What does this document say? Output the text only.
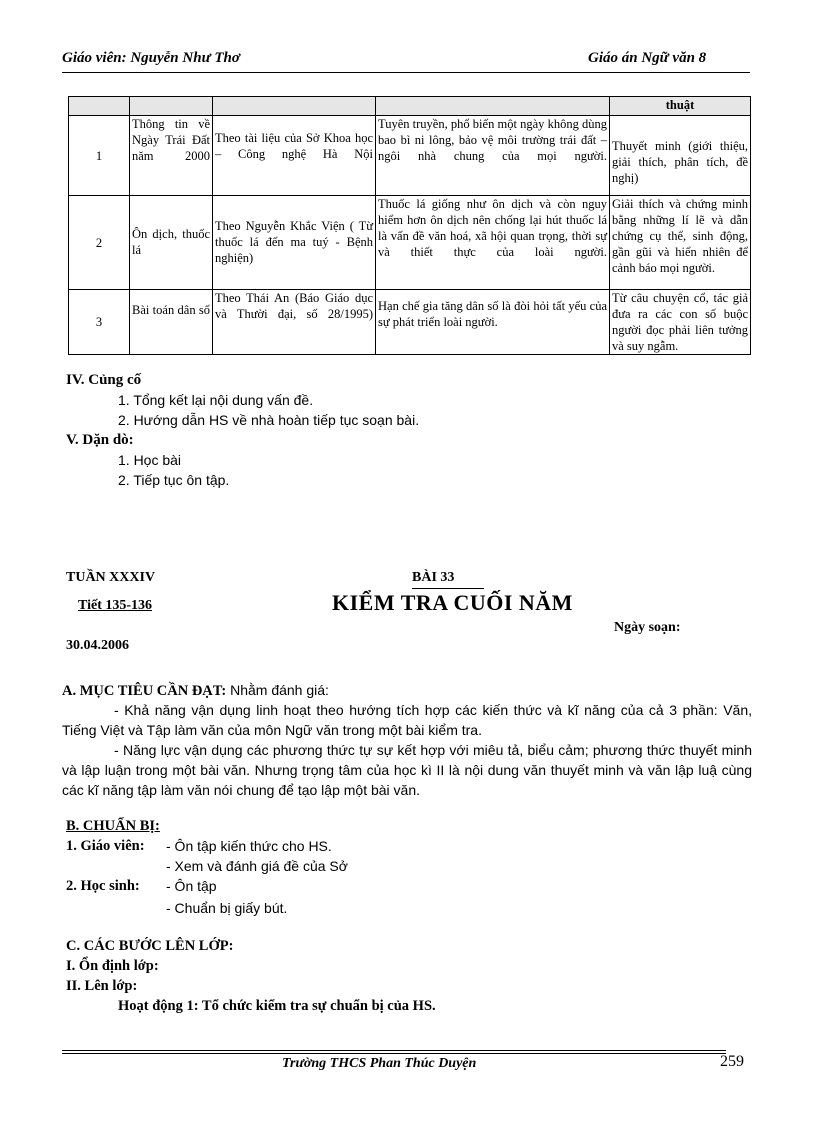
Giáo viên: Nguyễn Như Thơ	Giáo án Ngữ văn 8
				thuật
1	Thông tin về Ngày Trái Đất năm 2000	Theo tài liệu của Sở Khoa học – Công nghệ Hà Nội	Tuyên truyền, phổ biến một ngày không dùng bao bì ni lông, bảo vệ môi trường trái đất – ngôi nhà chung của mọi người.	Thuyết minh (giới thiệu, giải thích, phân tích, đề nghị)
2	Ôn dịch, thuốc lá	Theo Nguyễn Khắc Viện ( Từ thuốc lá đến ma tuý - Bệnh nghiện)	Thuốc lá giống như ôn dịch và còn nguy hiểm hơn ôn dịch nên chống lại hút thuốc lá là vấn đề văn hoá, xã hội quan trọng, thời sự và thiết thực của loài người.	Giải thích và chứng minh bằng những lí lẽ và dẫn chứng cụ thể, sinh động, gần gũi và hiển nhiên để cảnh báo mọi người.
3	Bài toán dân số	Theo Thái An (Báo Giáo dục và Thười đại, số 28/1995)	Hạn chế gia tăng dân số là đòi hỏi tất yếu của sự phát triển loài người.	Từ câu chuyện cổ, tác giả đưa ra các con số buộc người đọc phải liên tưởng và suy ngẫm.
IV. Củng cố
1. Tổng kết lại nội dung vấn đề.
2. Hướng dẫn HS về nhà hoàn tiếp tục soạn bài.
V. Dặn dò:
1. Học bài
2. Tiếp tục ôn tập.
TUẦN XXXIV	BÀI 33
Tiết 135-136	KIỂM TRA CUỐI NĂM
Ngày soạn:
30.04.2006
A. MỤC TIÊU CẦN ĐẠT: Nhằm đánh giá:
- Khả năng vận dụng linh hoạt theo hướng tích hợp các kiến thức và kĩ năng của cả 3 phần: Văn, Tiếng Việt và Tập làm văn của môn Ngữ văn trong một bài kiểm tra.
- Năng lực vận dụng các phương thức tự sự kết hợp với miêu tả, biểu cảm; phương thức thuyết minh và lập luận trong một bài văn. Nhưng trọng tâm của học kì II là nội dung văn thuyết minh và văn lập luậ cùng các kĩ năng tập làm văn nói chung để tạo lập một bài văn.
B. CHUẨN BỊ:
1. Giáo viên: - Ôn tập kiến thức cho HS.
- Xem và đánh giá đề của Sở
2. Học sinh: - Ôn tập
- Chuẩn bị giấy bút.
C. CÁC BƯỚC LÊN LỚP:
I. Ổn định lớp:
II. Lên lớp:
Hoạt động 1: Tổ chức kiểm tra sự chuẩn bị của HS.
Trường THCS Phan Thúc Duyện	259
